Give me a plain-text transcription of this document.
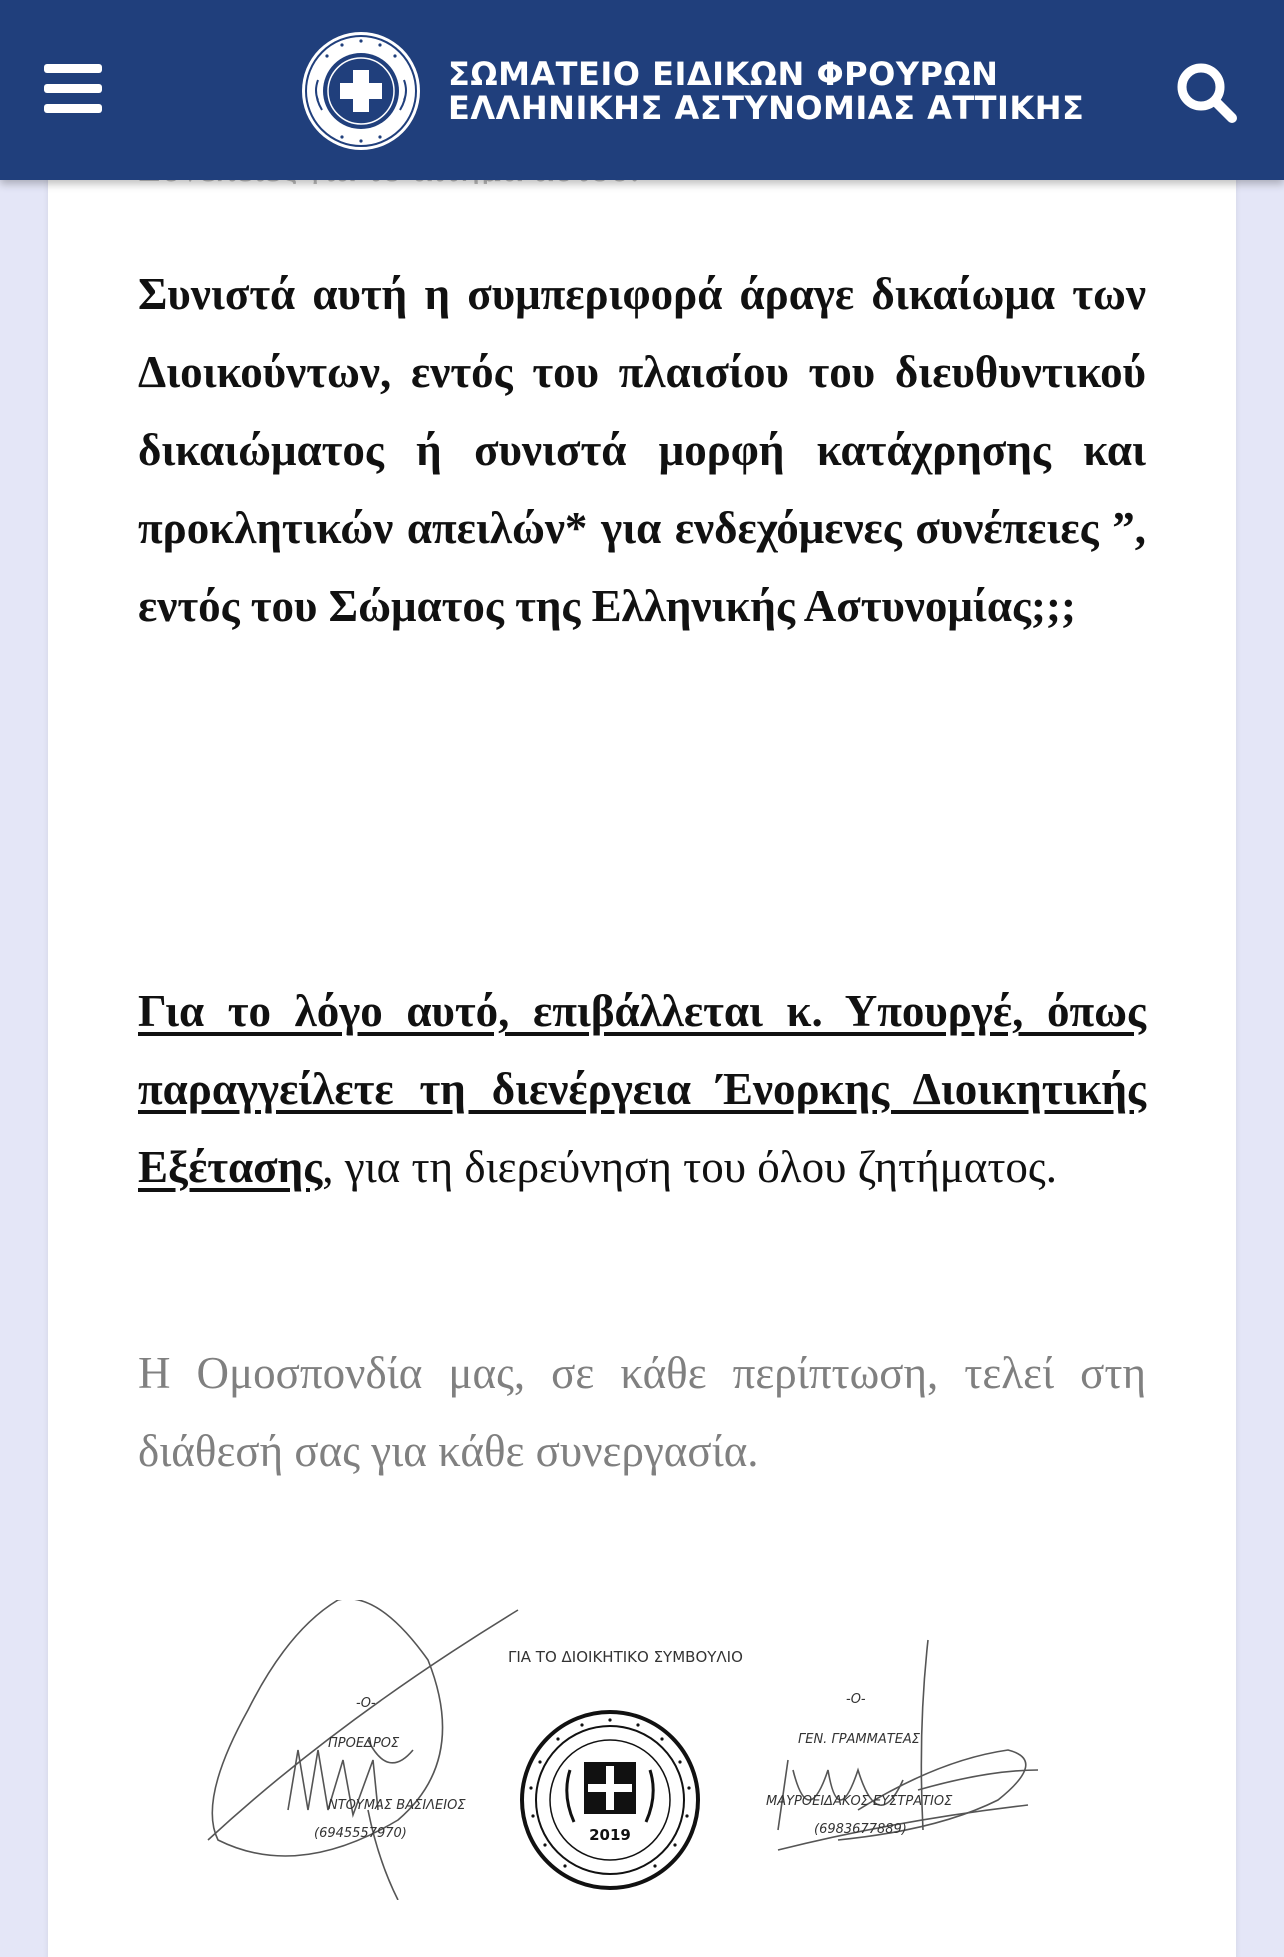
ΣΩΜΑΤΕΙΟ ΕΙΔΙΚΩΝ ΦΡΟΥΡΩΝ
ΕΛΛΗΝΙΚΗΣ ΑΣΤΥΝΟΜΙΑΣ ΑΤΤΙΚΗΣ
Συνιστά αυτή η συμπεριφορά άραγε δικαίωμα των Διοικούντων, εντός του πλαισίου του διευθυντικού δικαιώματος ή συνιστά μορφή κατάχρησης και προκλητικών απειλών* για ενδεχόμενες συνέπειες ”, εντός του Σώματος της Ελληνικής Αστυνομίας;;;
Για το λόγο αυτό, επιβάλλεται κ. Υπουργέ, όπως παραγγείλετε τη διενέργεια Ένορκης Διοικητικής Εξέτασης, για τη διερεύνηση του όλου ζητήματος.
Η Ομοσπονδία μας, σε κάθε περίπτωση, τελεί στη διάθεσή σας για κάθε συνεργασία.
2019
ΓΙΑ ΤΟ ΔΙΟΙΚΗΤΙΚΟ ΣΥΜΒΟΥΛΙΟ
-Ο-
ΠΡΟΕΔΡΟΣ
ΝΤΟΥΜΑΣ ΒΑΣΙΛΕΙΟΣ
(6945557970)
-Ο-
ΓΕΝ. ΓΡΑΜΜΑΤΕΑΣ
ΜΑΥΡΟΕΙΔΑΚΟΣ ΕΥΣΤΡΑΤΙΟΣ
(6983677889)
